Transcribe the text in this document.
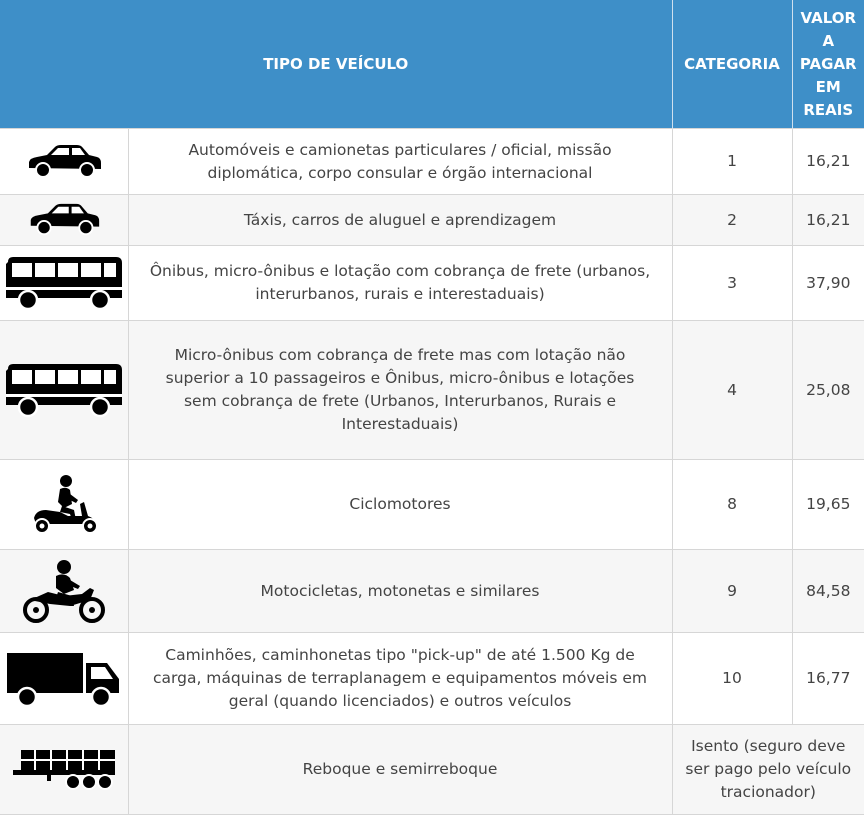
TIPO DE VEÍCULO		CATEGORIA	VALOR
A
PAGAR
EM
REAIS

Automóveis e camionetas particulares / oficial, missão
diplomática, corpo consular e órgão internacional	1	16,21

Táxis, carros de aluguel e aprendizagem	2	16,21

Ônibus, micro-ônibus e lotação com cobrança de frete (urbanos,
interurbanos, rurais e interestaduais)	3	37,90

Micro-ônibus com cobrança de frete mas com lotação não
superior a 10 passageiros e Ônibus, micro-ônibus e lotações
sem cobrança de frete (Urbanos, Interurbanos, Rurais e
Interestaduais)	4	25,08

Ciclomotores	8	19,65

Motocicletas, motonetas e similares	9	84,58

Caminhões, caminhonetas tipo "pick-up" de até 1.500 Kg de
carga, máquinas de terraplanagem e equipamentos móveis em
geral (quando licenciados) e outros veículos	10	16,77

Reboque e semirreboque	Isento (seguro deve
ser pago pelo veículo
tracionador)	
